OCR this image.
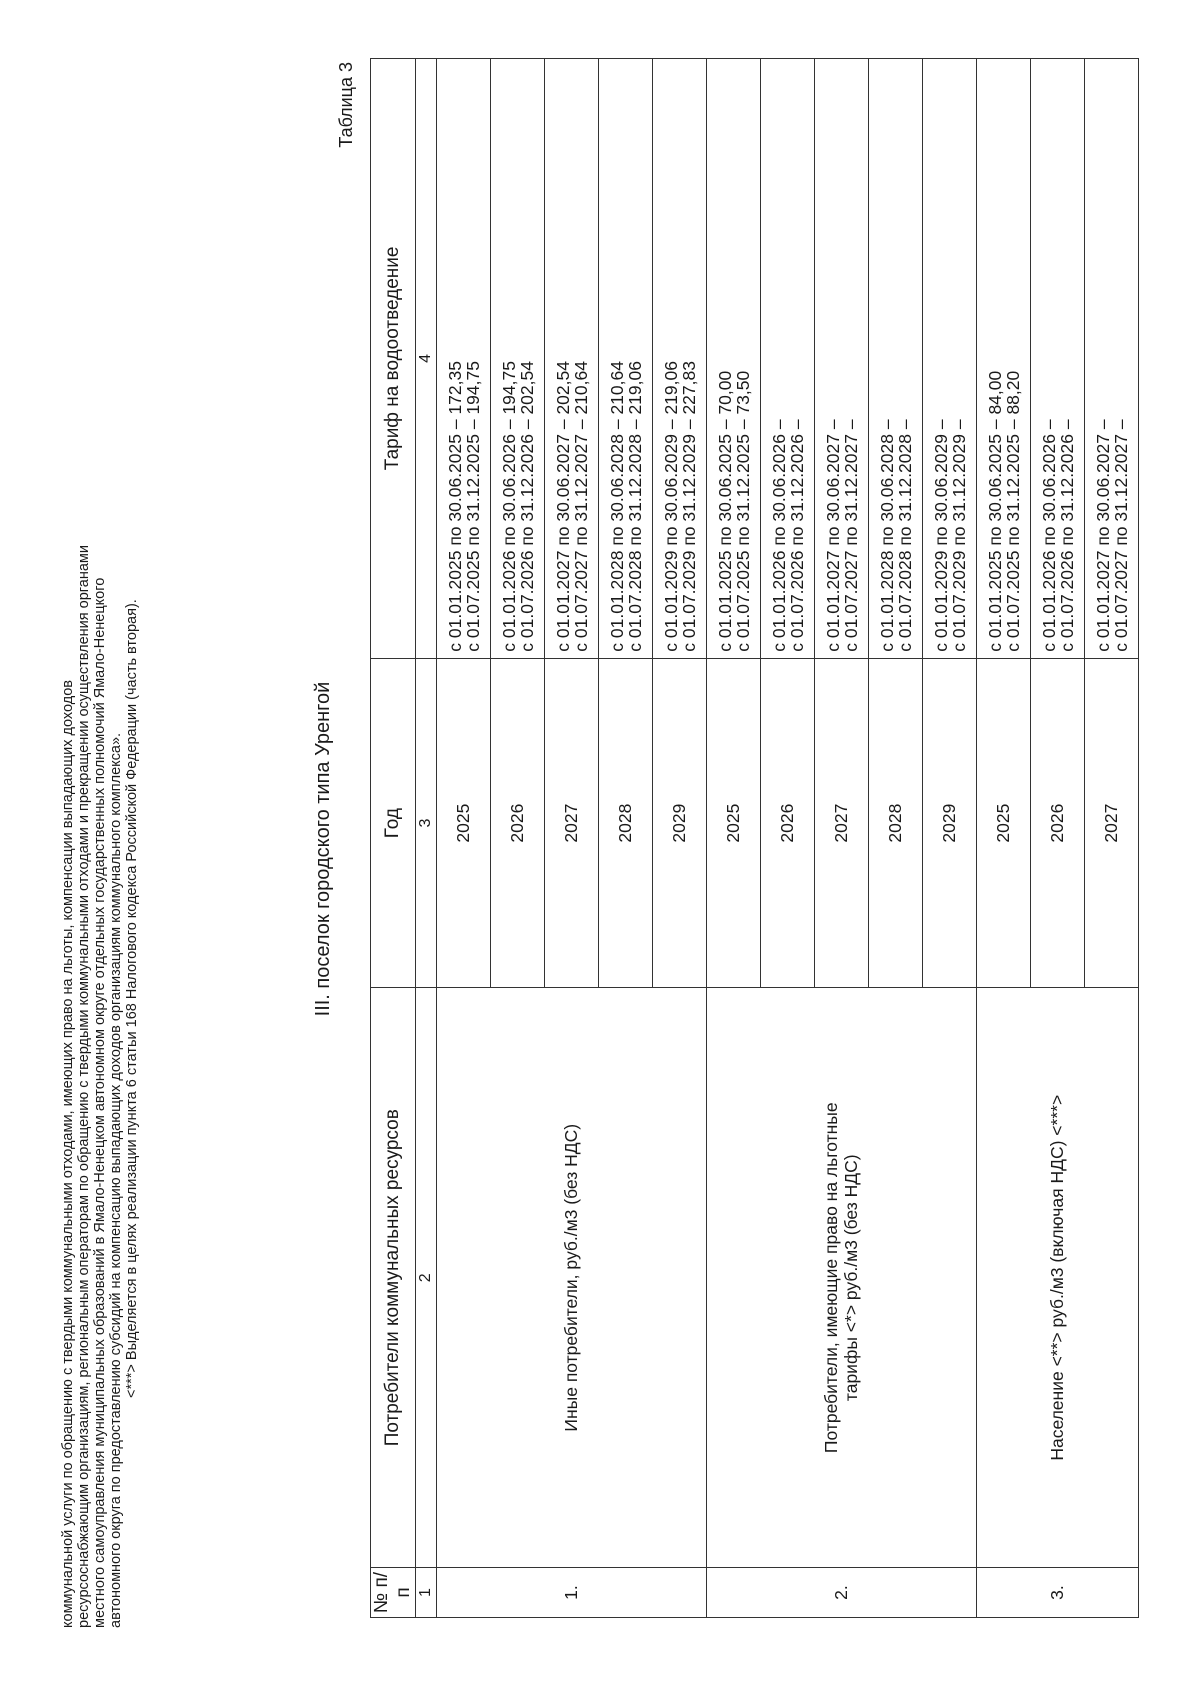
коммунальной услуги по обращению с твердыми коммунальными отходами, имеющих право на льготы, компенсации выпадающих доходов ресурсоснабжающим организациям, региональным операторам по обращению с твердыми коммунальными отходами и прекращении осуществления органами местного самоуправления муниципальных образований в Ямало-Ненецком автономном округе отдельных государственных полномочий Ямало-Ненецкого автономного округа по предоставлению субсидий на компенсацию выпадающих доходов организациям коммунального комплекса». <***> Выделяется в целях реализации пункта 6 статьи 168 Налогового кодекса Российской Федерации (часть вторая).	III. поселок городского типа Уренгой
Таблица 3
№ п/п	Потребители коммунальных ресурсов	Год	Тариф на водоотведение
1	2	3	4
1.	Иные потребители, руб./м3 (без НДС)	2025	с 01.01.2025 по 30.06.2025 – 172,35
с 01.07.2025 по 31.12.2025 – 194,75

		2026	с 01.01.2026 по 30.06.2026 – 194,75
с 01.07.2026 по 31.12.2026 – 202,54

		2027	с 01.01.2027 по 30.06.2027 – 202,54
с 01.07.2027 по 31.12.2027 – 210,64

		2028	с 01.01.2028 по 30.06.2028 – 210,64
с 01.07.2028 по 31.12.2028 – 219,06

		2029	с 01.01.2029 по 30.06.2029 – 219,06
с 01.07.2029 по 31.12.2029 – 227,83

2.	Потребители, имеющие право на льготные тарифы <*> руб./м3 (без НДС)	2025	с 01.01.2025 по 30.06.2025 – 70,00
с 01.07.2025 по 31.12.2025 – 73,50

		2026	с 01.01.2026 по 30.06.2026 –
с 01.07.2026 по 31.12.2026 –

		2027	с 01.01.2027 по 30.06.2027 –
с 01.07.2027 по 31.12.2027 –

		2028	с 01.01.2028 по 30.06.2028 –
с 01.07.2028 по 31.12.2028 –

		2029	с 01.01.2029 по 30.06.2029 –
с 01.07.2029 по 31.12.2029 –

3.	Население <**> руб./м3 (включая НДС) <***>	2025	с 01.01.2025 по 30.06.2025 – 84,00
с 01.07.2025 по 31.12.2025 – 88,20

		2026	с 01.01.2026 по 30.06.2026 –
с 01.07.2026 по 31.12.2026 –

		2027	с 01.01.2027 по 30.06.2027 –
с 01.07.2027 по 31.12.2027 –
